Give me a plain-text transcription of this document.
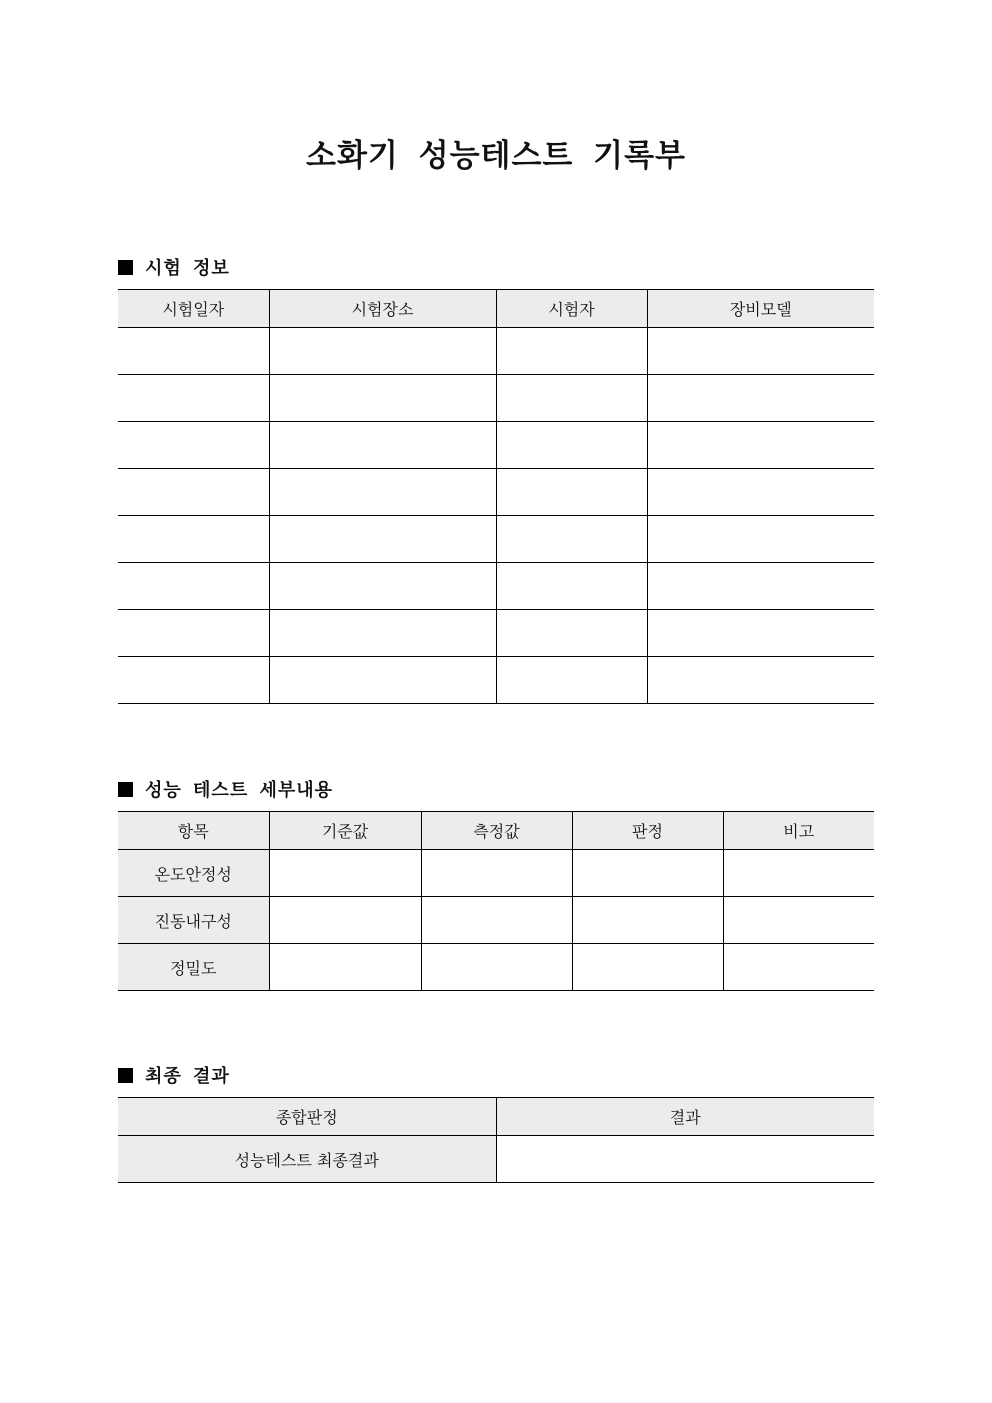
소화기 성능테스트 기록부
시험 정보
시험일자	시험장소	시험자	장비모델

성능 테스트 세부내용
항목	기준값	측정값	판정	비고
온도안정성				
진동내구성				
정밀도				
최종 결과
종합판정	결과
성능테스트 최종결과	
